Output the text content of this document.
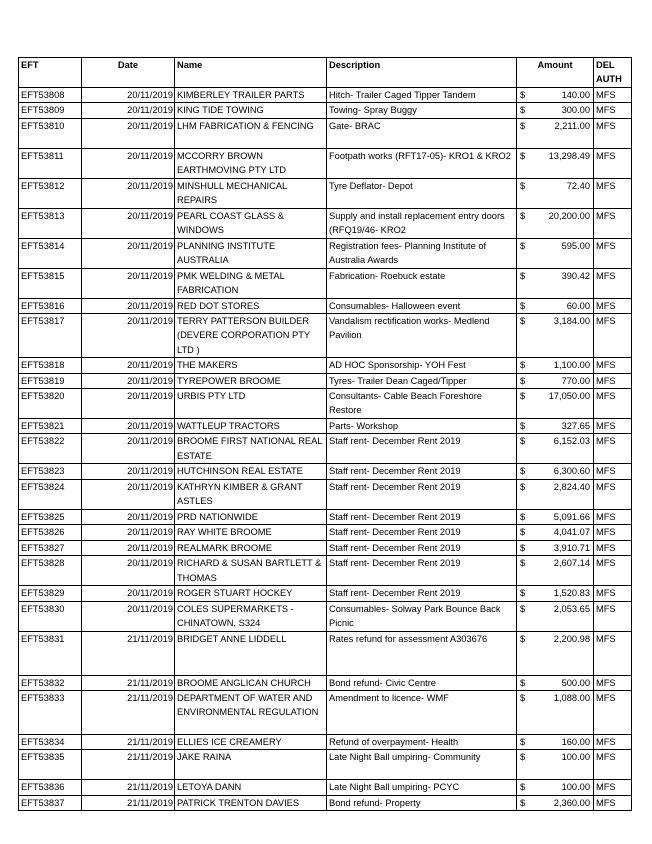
EFT	Date	Name	Description	Amount	DEL AUTH
EFT53808	20/11/2019	KIMBERLEY TRAILER PARTS	Hitch- Trailer Caged Tipper Tandem	$ 140.00	MFS
EFT53809	20/11/2019	KING TIDE TOWING	Towing- Spray Buggy	$ 300.00	MFS
EFT53810	20/11/2019	LHM FABRICATION & FENCING	Gate- BRAC	$ 2,211.00	MFS
EFT53811	20/11/2019	MCCORRY BROWN EARTHMOVING PTY LTD	Footpath works (RFT17-05)- KRO1 & KRO2	$ 13,298.49	MFS
EFT53812	20/11/2019	MINSHULL MECHANICAL REPAIRS	Tyre Deflator- Depot	$ 72.40	MFS
EFT53813	20/11/2019	PEARL COAST GLASS & WINDOWS	Supply and install replacement entry doors (RFQ19/46- KRO2	$ 20,200.00	MFS
EFT53814	20/11/2019	PLANNING INSTITUTE AUSTRALIA	Registration fees- Planning Institute of Australia Awards	$ 595.00	MFS
EFT53815	20/11/2019	PMK WELDING & METAL FABRICATION	Fabrication- Roebuck estate	$ 390.42	MFS
EFT53816	20/11/2019	RED DOT STORES	Consumables- Halloween event	$ 60.00	MFS
EFT53817	20/11/2019	TERRY PATTERSON BUILDER (DEVERE CORPORATION PTY LTD )	Vandalism rectification works- Medlend Pavilion	$ 3,184.00	MFS
EFT53818	20/11/2019	THE MAKERS	AD HOC Sponsorship- YOH Fest	$ 1,100.00	MFS
EFT53819	20/11/2019	TYREPOWER BROOME	Tyres- Trailer Dean Caged/Tipper	$ 770.00	MFS
EFT53820	20/11/2019	URBIS PTY LTD	Consultants- Cable Beach Foreshore Restore	$ 17,050.00	MFS
EFT53821	20/11/2019	WATTLEUP TRACTORS	Parts- Workshop	$ 327.65	MFS
EFT53822	20/11/2019	BROOME FIRST NATIONAL REAL ESTATE	Staff rent- December Rent 2019	$ 6,152.03	MFS
EFT53823	20/11/2019	HUTCHINSON REAL ESTATE	Staff rent- December Rent 2019	$ 6,300.60	MFS
EFT53824	20/11/2019	KATHRYN KIMBER & GRANT ASTLES	Staff rent- December Rent 2019	$ 2,824.40	MFS
EFT53825	20/11/2019	PRD NATIONWIDE	Staff rent- December Rent 2019	$ 5,091.66	MFS
EFT53826	20/11/2019	RAY WHITE BROOME	Staff rent- December Rent 2019	$ 4,041.07	MFS
EFT53827	20/11/2019	REALMARK BROOME	Staff rent- December Rent 2019	$ 3,910.71	MFS
EFT53828	20/11/2019	RICHARD & SUSAN BARTLETT & THOMAS	Staff rent- December Rent 2019	$ 2,607.14	MFS
EFT53829	20/11/2019	ROGER STUART HOCKEY	Staff rent- December Rent 2019	$ 1,520.83	MFS
EFT53830	20/11/2019	COLES SUPERMARKETS - CHINATOWN, S324	Consumables- Solway Park Bounce Back Picnic	$ 2,053.65	MFS
EFT53831	21/11/2019	BRIDGET ANNE LIDDELL	Rates refund for assessment A303676	$ 2,200.98	MFS
EFT53832	21/11/2019	BROOME ANGLICAN CHURCH	Bond refund- Civic Centre	$ 500.00	MFS
EFT53833	21/11/2019	DEPARTMENT OF WATER AND ENVIRONMENTAL REGULATION	Amendment to licence- WMF	$ 1,088.00	MFS
EFT53834	21/11/2019	ELLIES ICE CREAMERY	Refund of overpayment- Health	$ 160.00	MFS
EFT53835	21/11/2019	JAKE RAINA	Late Night Ball umpiring- Community	$ 100.00	MFS
EFT53836	21/11/2019	LETOYA DANN	Late Night Ball umpiring- PCYC	$ 100.00	MFS
EFT53837	21/11/2019	PATRICK TRENTON DAVIES	Bond refund- Property	$ 2,360.00	MFS
